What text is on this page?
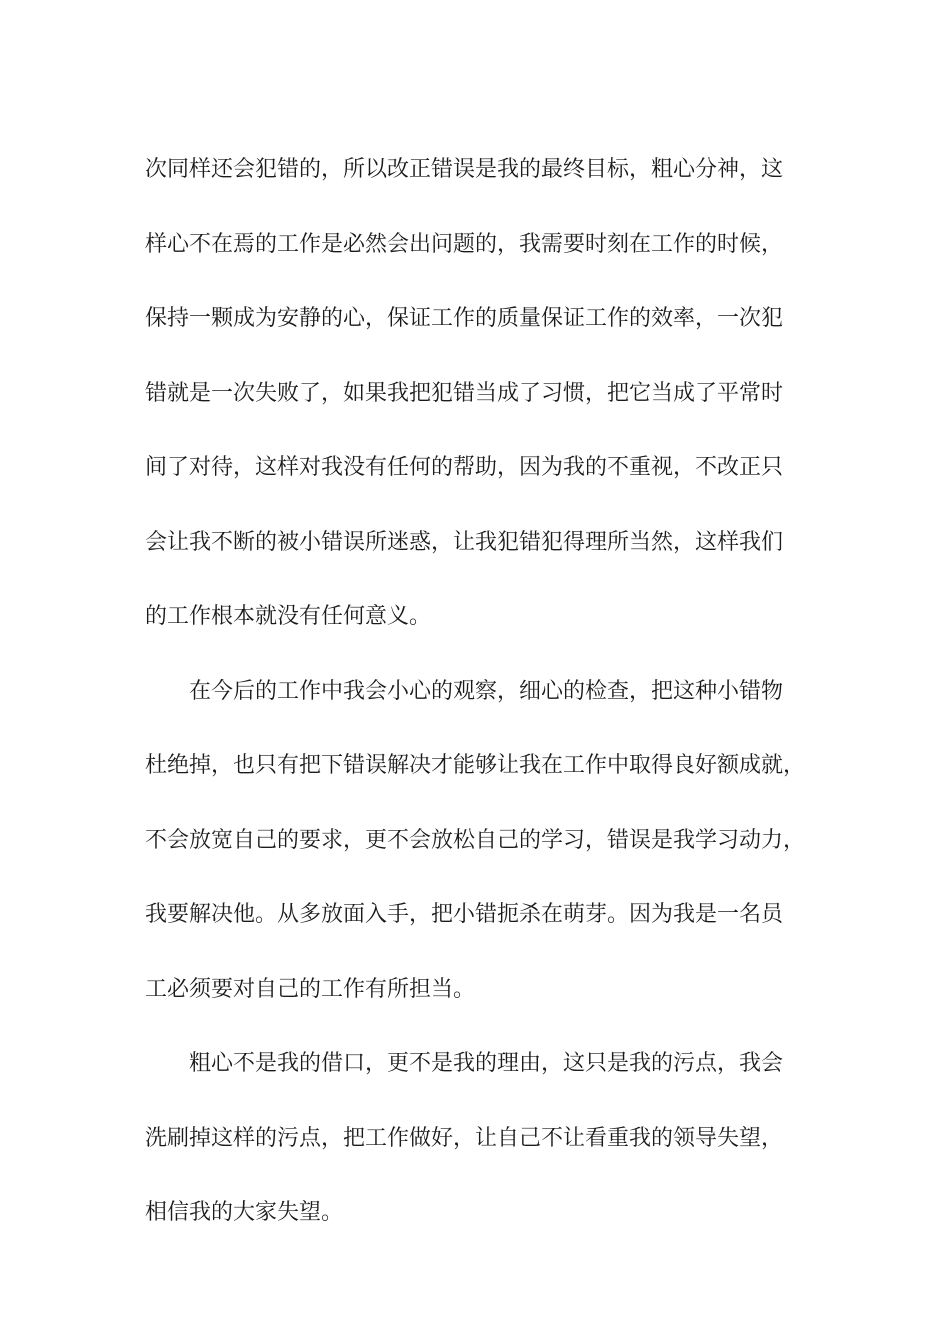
次同样还会犯错的，所以改正错误是我的最终目标，粗心分神，这
样心不在焉的工作是必然会出问题的，我需要时刻在工作的时候，
保持一颗成为安静的心，保证工作的质量保证工作的效率，一次犯
错就是一次失败了，如果我把犯错当成了习惯，把它当成了平常时
间了对待，这样对我没有任何的帮助，因为我的不重视，不改正只
会让我不断的被小错误所迷惑，让我犯错犯得理所当然，这样我们
的工作根本就没有任何意义。
在今后的工作中我会小心的观察，细心的检查，把这种小错物
杜绝掉，也只有把下错误解决才能够让我在工作中取得良好额成就，
不会放宽自己的要求，更不会放松自己的学习，错误是我学习动力，
我要解决他。从多放面入手，把小错扼杀在萌芽。因为我是一名员
工必须要对自己的工作有所担当。
粗心不是我的借口，更不是我的理由，这只是我的污点，我会
洗刷掉这样的污点，把工作做好，让自己不让看重我的领导失望，
相信我的大家失望。
